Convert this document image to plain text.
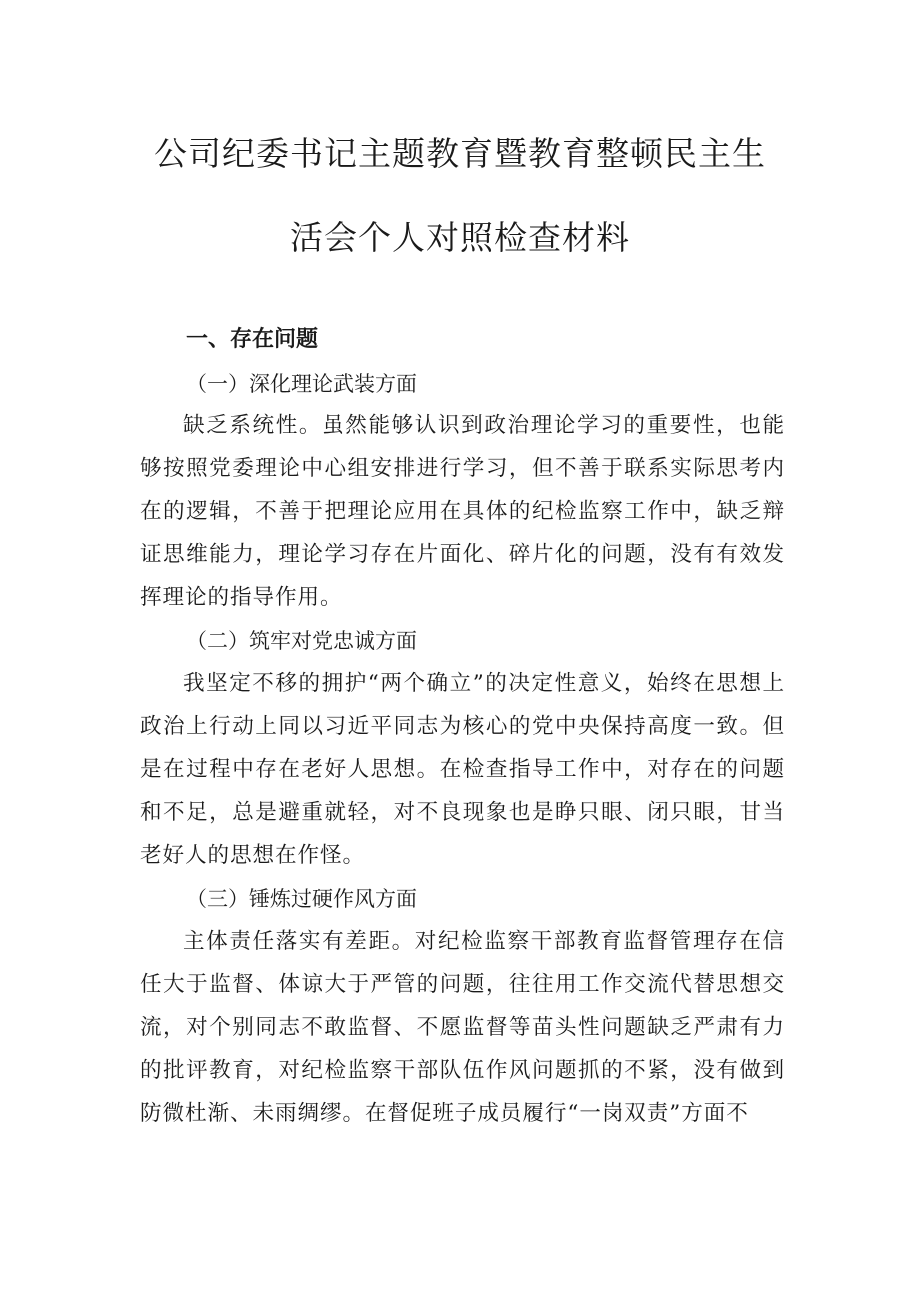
公司纪委书记主题教育暨教育整顿民主生
活会个人对照检查材料
一、存在问题
（一）深化理论武装方面

缺乏系统性。虽然能够认识到政治理论学习的重要性，也能够按照党委理论中心组安排进行学习，但不善于联系实际思考内在的逻辑，不善于把理论应用在具体的纪检监察工作中，缺乏辩证思维能力，理论学习存在片面化、碎片化的问题，没有有效发挥理论的指导作用。

（二）筑牢对党忠诚方面

我坚定不移的拥护“两个确立”的决定性意义，始终在思想上政治上行动上同以习近平同志为核心的党中央保持高度一致。但是在过程中存在老好人思想。在检查指导工作中，对存在的问题和不足，总是避重就轻，对不良现象也是睁只眼、闭只眼，甘当老好人的思想在作怪。

（三）锤炼过硬作风方面

主体责任落实有差距。对纪检监察干部教育监督管理存在信任大于监督、体谅大于严管的问题，往往用工作交流代替思想交流，对个别同志不敢监督、不愿监督等苗头性问题缺乏严肃有力的批评教育，对纪检监察干部队伍作风问题抓的不紧，没有做到防微杜渐、未雨绸缪。在督促班子成员履行“一岗双责”方面不
